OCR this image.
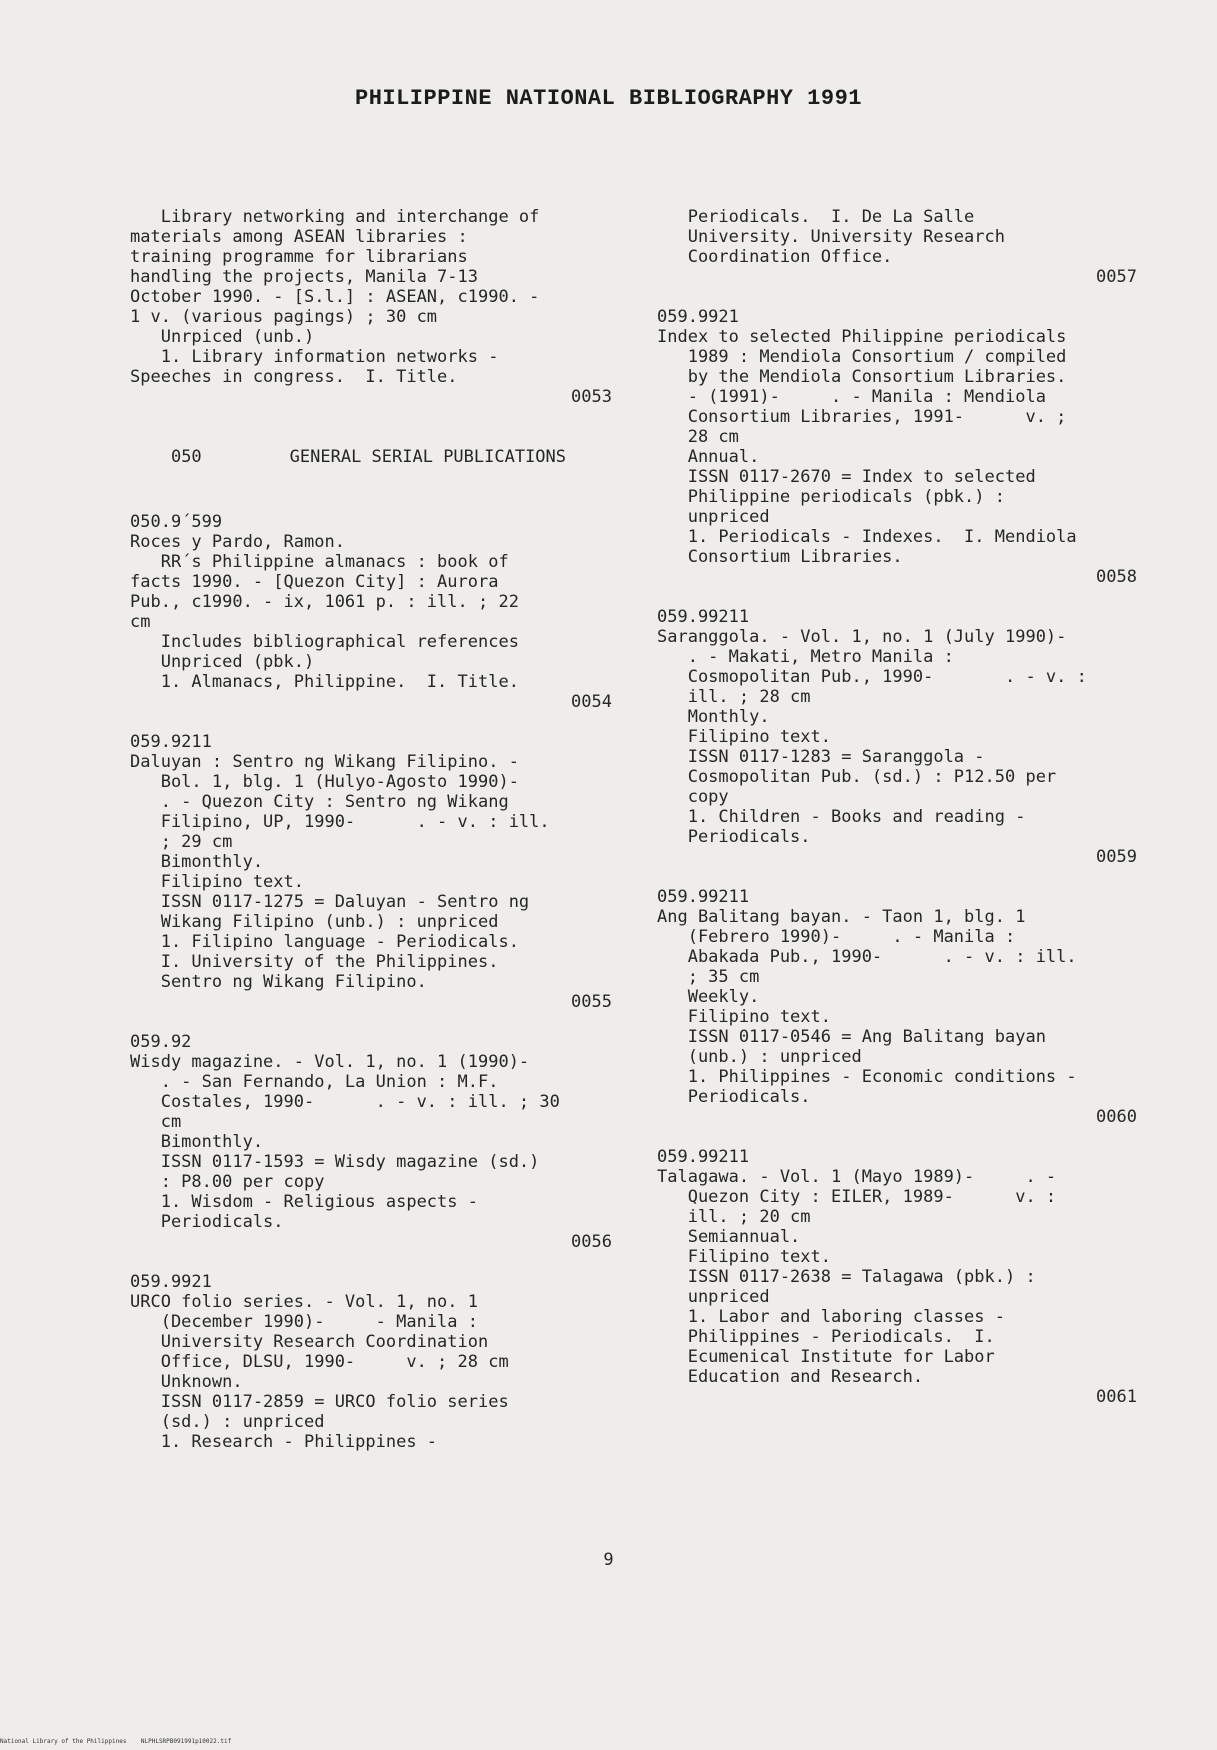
PHILIPPINE NATIONAL BIBLIOGRAPHY 1991
Library networking and interchange of
materials among ASEAN libraries :
training programme for librarians
handling the projects, Manila 7-13
October 1990. - [S.l.] : ASEAN, c1990. -
1 v. (various pagings) ; 30 cm
Unrpiced (unb.)
1. Library information networks -
Speeches in congress.  I. Title.
0053

050	GENERAL SERIAL PUBLICATIONS

050.9´599
Roces y Pardo, Ramon.
RR´s Philippine almanacs : book of
facts 1990. - [Quezon City] : Aurora
Pub., c1990. - ix, 1061 p. : ill. ; 22
cm
Includes bibliographical references
Unpriced (pbk.)
1. Almanacs, Philippine.  I. Title.
0054
059.9211
Daluyan : Sentro ng Wikang Filipino. -
Bol. 1, blg. 1 (Hulyo-Agosto 1990)-
. - Quezon City : Sentro ng Wikang
Filipino, UP, 1990-      . - v. : ill.
; 29 cm
Bimonthly.
Filipino text.
ISSN 0117-1275 = Daluyan - Sentro ng
Wikang Filipino (unb.) : unpriced
1. Filipino language - Periodicals.
I. University of the Philippines.
Sentro ng Wikang Filipino.
0055
059.92
Wisdy magazine. - Vol. 1, no. 1 (1990)-
. - San Fernando, La Union : M.F.
Costales, 1990-      . - v. : ill. ; 30
cm
Bimonthly.
ISSN 0117-1593 = Wisdy magazine (sd.)
: P8.00 per copy
1. Wisdom - Religious aspects -
Periodicals.
0056
059.9921
URCO folio series. - Vol. 1, no. 1
(December 1990)-     - Manila :
University Research Coordination
Office, DLSU, 1990-     v. ; 28 cm
Unknown.
ISSN 0117-2859 = URCO folio series
(sd.) : unpriced
1. Research - Philippines -
Periodicals.  I. De La Salle
University. University Research
Coordination Office.
0057
059.9921
Index to selected Philippine periodicals
1989 : Mendiola Consortium / compiled
by the Mendiola Consortium Libraries.
- (1991)-     . - Manila : Mendiola
Consortium Libraries, 1991-      v. ;
28 cm
Annual.
ISSN 0117-2670 = Index to selected
Philippine periodicals (pbk.) :
unpriced
1. Periodicals - Indexes.  I. Mendiola
Consortium Libraries.
0058
059.99211
Saranggola. - Vol. 1, no. 1 (July 1990)-
. - Makati, Metro Manila :
Cosmopolitan Pub., 1990-       . - v. :
ill. ; 28 cm
Monthly.
Filipino text.
ISSN 0117-1283 = Saranggola -
Cosmopolitan Pub. (sd.) : P12.50 per
copy
1. Children - Books and reading -
Periodicals.
0059
059.99211
Ang Balitang bayan. - Taon 1, blg. 1
(Febrero 1990)-     . - Manila :
Abakada Pub., 1990-      . - v. : ill.
; 35 cm
Weekly.
Filipino text.
ISSN 0117-0546 = Ang Balitang bayan
(unb.) : unpriced
1. Philippines - Economic conditions -
Periodicals.
0060
059.99211
Talagawa. - Vol. 1 (Mayo 1989)-     . -
Quezon City : EILER, 1989-      v. :
ill. ; 20 cm
Semiannual.
Filipino text.
ISSN 0117-2638 = Talagawa (pbk.) :
unpriced
1. Labor and laboring classes -
Philippines - Periodicals.  I.
Ecumenical Institute for Labor
Education and Research.
0061
9
National Library of the Philippines    NLPHLSRPB091991p10022.tif
